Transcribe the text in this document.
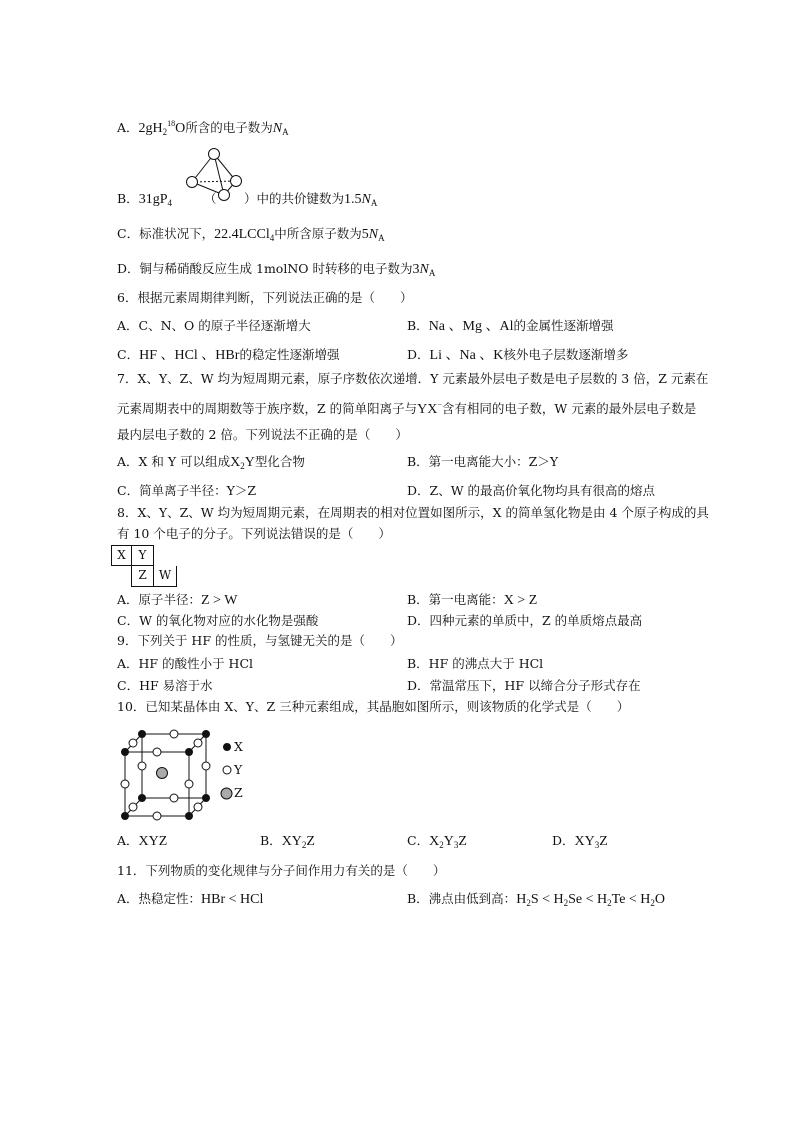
A．$2gH_2^{18}O$所含的电子数为$N_A$
B．$31gP_4$	（ ）中的共价键数为$1.5N_A$
C．标准状况下，22.4LCCl$_4$中所含原子数为$5N_A$
D．铜与稀硝酸反应生成 1molNO 时转移的电子数为$3N_A$
6．根据元素周期律判断，下列说法正确的是（　　）
A．C、N、O 的原子半径逐渐增大	B．Na 、Mg 、Al的金属性逐渐增强
C．HF 、HCl 、HBr的稳定性逐渐增强	D．Li 、Na 、K核外电子层数逐渐增多
7．X、Y、Z、W 均为短周期元素，原子序数依次递增．Y 元素最外层电子数是电子层数的 3 倍，Z 元素在
元素周期表中的周期数等于族序数，Z 的简单阳离子与YX−含有相同的电子数，W 元素的最外层电子数是
最内层电子数的 2 倍。下列说法不正确的是（　　）
A．X 和 Y 可以组成$X_2Y$型化合物	B．第一电离能大小：Z＞Y
C．简单离子半径：Y＞Z	D．Z、W 的最高价氧化物均具有很高的熔点
8．X、Y、Z、W 均为短周期元素，在周期表的相对位置如图所示，X 的简单氢化物是由 4 个原子构成的具
有 10 个电子的分子。下列说法错误的是（　　）
X	Y
Z	W
A．原子半径：Z > W	B．第一电离能：X > Z
C．W 的氧化物对应的水化物是强酸	D．四种元素的单质中，Z 的单质熔点最高
9．下列关于 HF 的性质，与氢键无关的是（　　）
A．HF 的酸性小于 HCl	B．HF 的沸点大于 HCl
C．HF 易溶于水	D．常温常压下，HF 以缔合分子形式存在
10．已知某晶体由 X、Y、Z 三种元素组成，其晶胞如图所示，则该物质的化学式是（　　）
X
Y
Z
A．XYZ	B．$XY_2Z$	C．$X_2Y_3Z$	D．$XY_3Z$
11．下列物质的变化规律与分子间作用力有关的是（　　）
A．热稳定性：HBr < HCl	B．沸点由低到高：$H_2S < H_2Se < H_2Te < H_2O$
